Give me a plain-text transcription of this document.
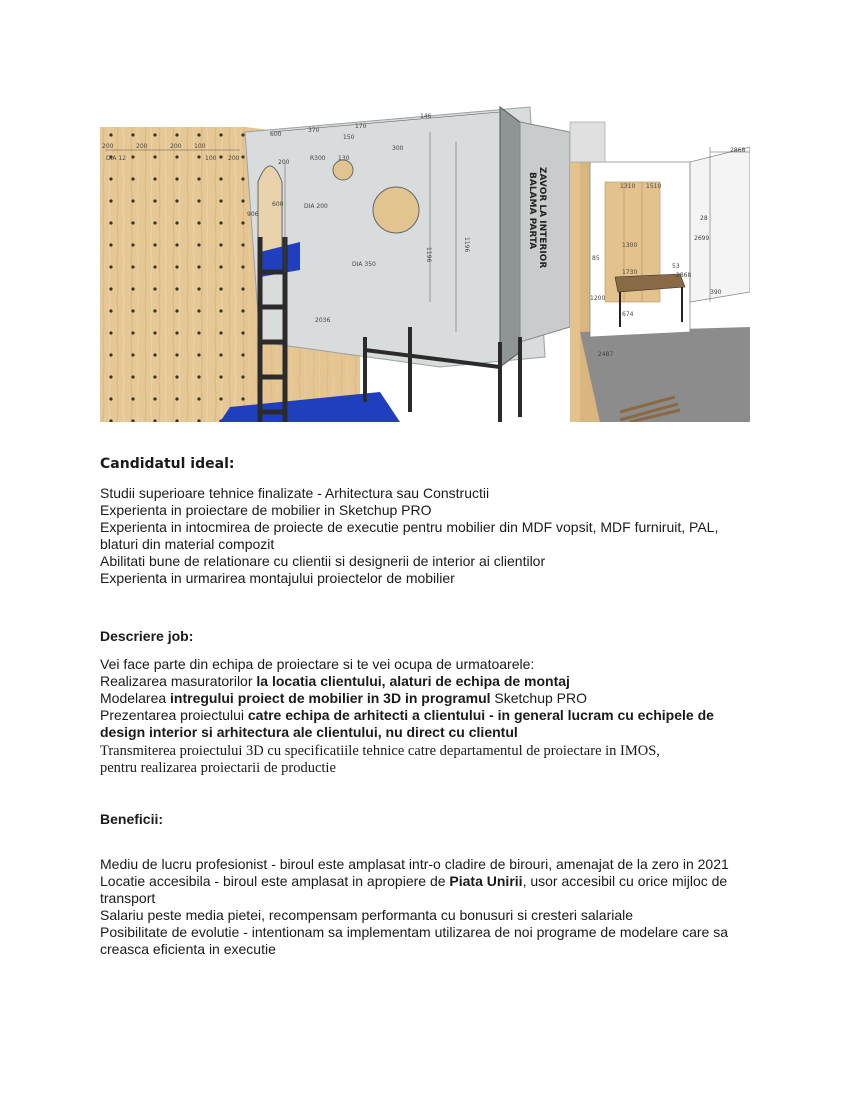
BALAMA PARTA ZAVOR LA INTERIOR
200	200	200 100
DIA 12	100 200
600
370
150
170
146
200
R300 130
300
906
600	DIA 200
1196
1196
DIA 350
2036
2868
1310 1510
2699
28
1300
53
1730	2868
85
1200
674
2487
390
Candidatul ideal:

Studii superioare tehnice finalizate - Arhitectura sau Constructii

Experienta in proiectare de mobilier in Sketchup PRO

Experienta in intocmirea de proiecte de executie pentru mobilier din MDF vopsit, MDF furniruit, PAL,

blaturi din material compozit

Abilitati bune de relationare cu clientii si designerii de interior ai clientilor

Experienta in urmarirea montajului proiectelor de mobilier

Descriere job:

Vei face parte din echipa de proiectare si te vei ocupa de urmatoarele:

Realizarea masuratorilor la locatia clientului, alaturi de echipa de montaj

Modelarea intregului proiect de mobilier in 3D in programul Sketchup PRO

Prezentarea proiectului catre echipa de arhitecti a clientului - in general lucram cu echipele de

design interior si arhitectura ale clientului, nu direct cu clientul

Transmiterea proiectului 3D cu specificatiile tehnice catre departamentul de proiectare in IMOS,

pentru realizarea proiectarii de productie

Beneficii:

Mediu de lucru profesionist - biroul este amplasat intr-o cladire de birouri, amenajat de la zero in 2021

Locatie accesibila - biroul este amplasat in apropiere de Piata Unirii, usor accesibil cu orice mijloc de

transport

Salariu peste media pietei, recompensam performanta cu bonusuri si cresteri salariale

Posibilitate de evolutie - intentionam sa implementam utilizarea de noi programe de modelare care sa

creasca eficienta in executie
